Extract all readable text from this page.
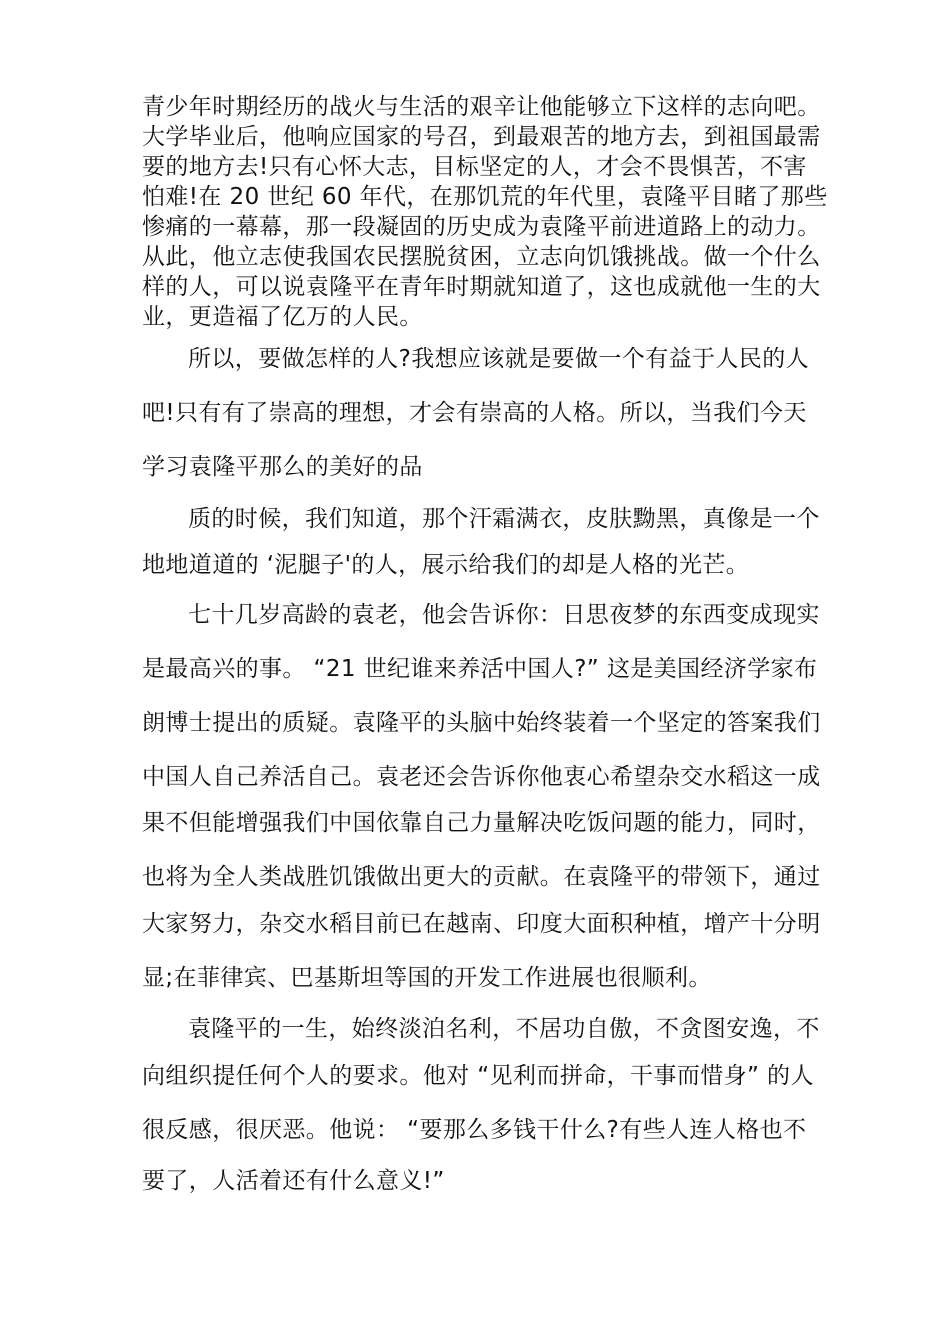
青少年时期经历的战火与生活的艰辛让他能够立下这样的志向吧。
大学毕业后，他响应国家的号召，到最艰苦的地方去，到祖国最需
要的地方去!只有心怀大志，目标坚定的人，才会不畏惧苦，不害
怕难!在 20 世纪 60 年代，在那饥荒的年代里，袁隆平目睹了那些
惨痛的一幕幕，那一段凝固的历史成为袁隆平前进道路上的动力。
从此，他立志使我国农民摆脱贫困，立志向饥饿挑战。做一个什么
样的人，可以说袁隆平在青年时期就知道了，这也成就他一生的大
业，更造福了亿万的人民。
所以，要做怎样的人?我想应该就是要做一个有益于人民的人
吧!只有有了崇高的理想，才会有崇高的人格。所以，当我们今天
学习袁隆平那么的美好的品
质的时候，我们知道，那个汗霜满衣，皮肤黝黑，真像是一个
地地道道的 ‘泥腿子'的人，展示给我们的却是人格的光芒。
七十几岁高龄的袁老，他会告诉你：日思夜梦的东西变成现实
是最高兴的事。 “21 世纪谁来养活中国人?” 这是美国经济学家布
朗博士提出的质疑。袁隆平的头脑中始终装着一个坚定的答案我们
中国人自己养活自己。袁老还会告诉你他衷心希望杂交水稻这一成
果不但能增强我们中国依靠自己力量解决吃饭问题的能力，同时，
也将为全人类战胜饥饿做出更大的贡献。在袁隆平的带领下，通过
大家努力，杂交水稻目前已在越南、印度大面积种植，增产十分明
显;在菲律宾、巴基斯坦等国的开发工作进展也很顺利。
袁隆平的一生，始终淡泊名利，不居功自傲，不贪图安逸，不
向组织提任何个人的要求。他对 “见利而拼命，干事而惜身” 的人
很反感，很厌恶。他说： “要那么多钱干什么?有些人连人格也不
要了，人活着还有什么意义!”
